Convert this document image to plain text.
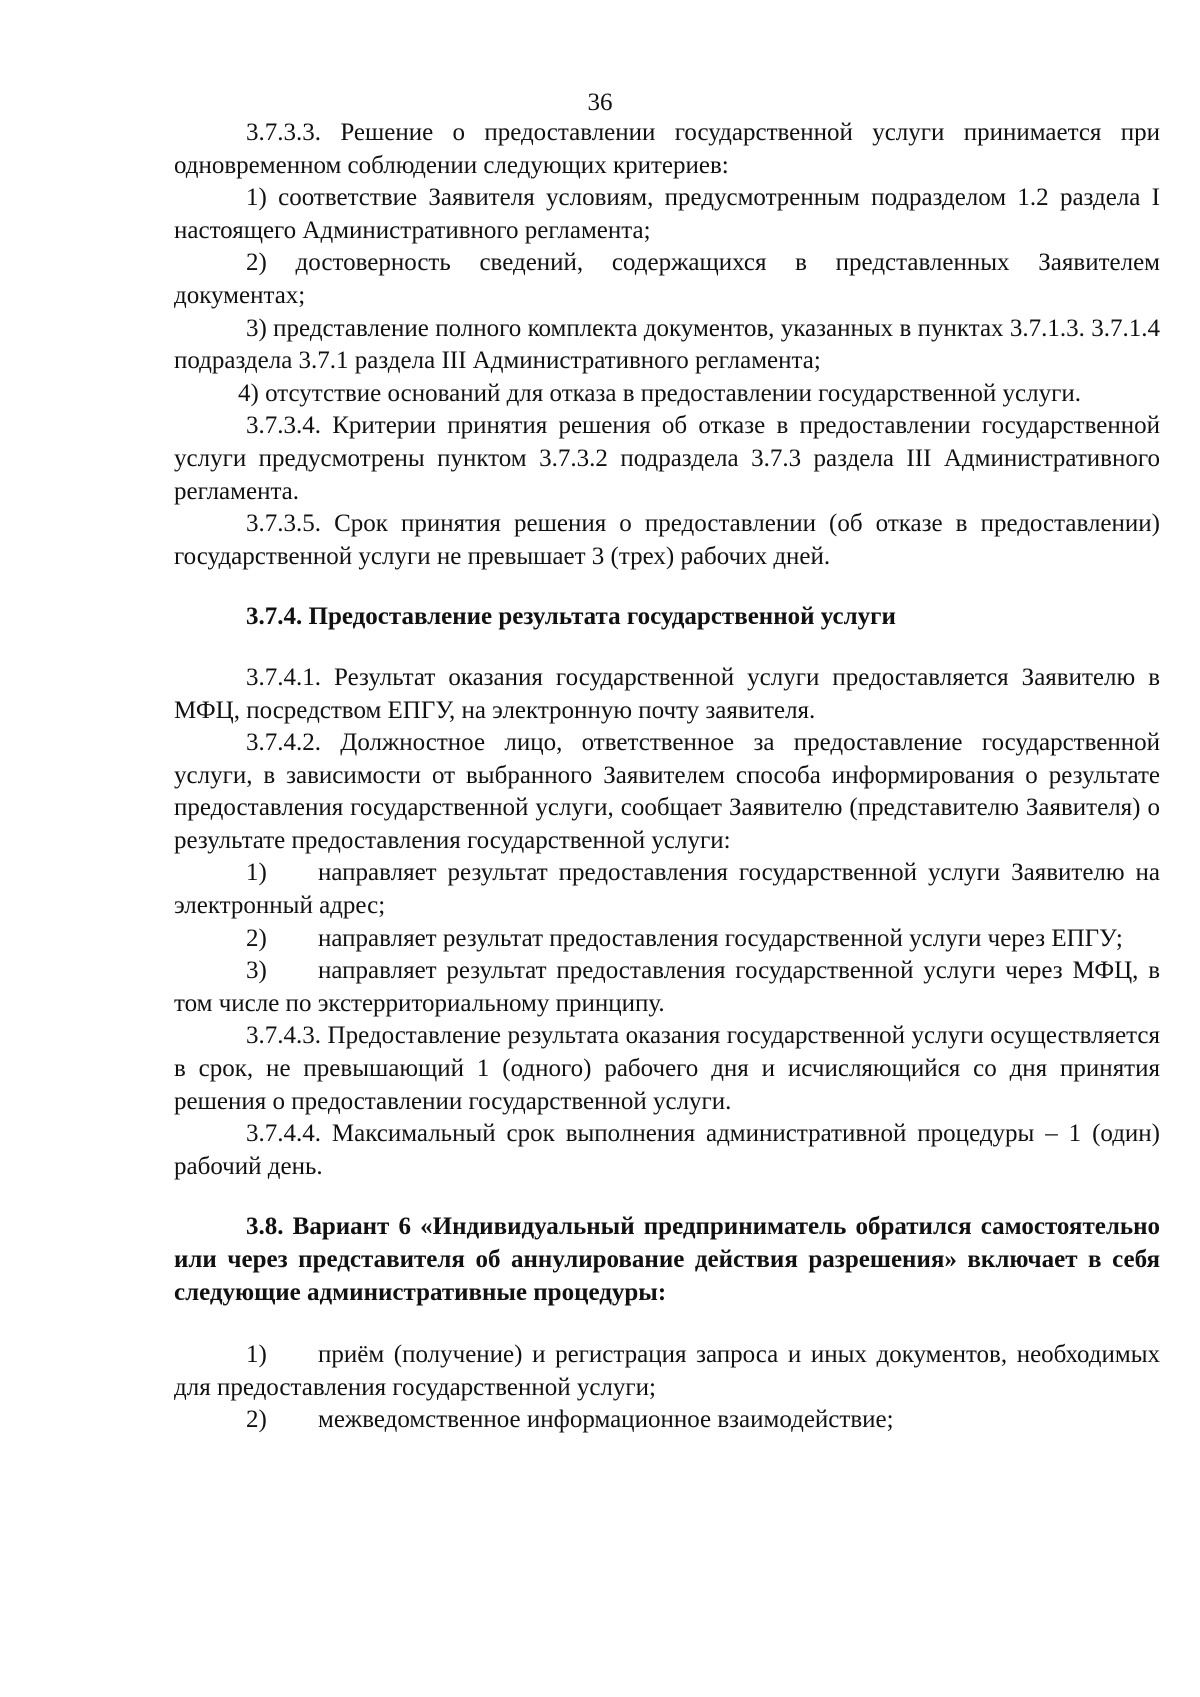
36

3.7.3.3. Решение о предоставлении государственной услуги принимается при одновременном соблюдении следующих критериев:

1) соответствие Заявителя условиям, предусмотренным подразделом 1.2 раздела I настоящего Административного регламента;

2) достоверность сведений, содержащихся в представленных Заявителем документах;

3) представление полного комплекта документов, указанных в пунктах 3.7.1.3. 3.7.1.4 подраздела 3.7.1 раздела III Административного регламента;

4) отсутствие оснований для отказа в предоставлении государственной услуги.

3.7.3.4. Критерии принятия решения об отказе в предоставлении государственной услуги предусмотрены пунктом 3.7.3.2 подраздела 3.7.3 раздела III Административного регламента.

3.7.3.5. Срок принятия решения о предоставлении (об отказе в предоставлении) государственной услуги не превышает 3 (трех) рабочих дней.

3.7.4. Предоставление результата государственной услуги

3.7.4.1. Результат оказания государственной услуги предоставляется Заявителю в МФЦ, посредством ЕПГУ, на электронную почту заявителя.

3.7.4.2. Должностное лицо, ответственное за предоставление государственной услуги, в зависимости от выбранного Заявителем способа информирования о результате предоставления государственной услуги, сообщает Заявителю (представителю Заявителя) о результате предоставления государственной услуги:

1) направляет результат предоставления государственной услуги Заявителю на электронный адрес;

2) направляет результат предоставления государственной услуги через ЕПГУ;

3) направляет результат предоставления государственной услуги через МФЦ, в том числе по экстерриториальному принципу.

3.7.4.3. Предоставление результата оказания государственной услуги осуществляется в срок, не превышающий 1 (одного) рабочего дня и исчисляющийся со дня принятия решения о предоставлении государственной услуги.

3.7.4.4. Максимальный срок выполнения административной процедуры – 1 (один) рабочий день.

3.8. Вариант 6 «Индивидуальный предприниматель обратился самостоятельно или через представителя об аннулирование действия разрешения» включает в себя следующие административные процедуры:

1) приём (получение) и регистрация запроса и иных документов, необходимых для предоставления государственной услуги;

2) межведомственное информационное взаимодействие;
